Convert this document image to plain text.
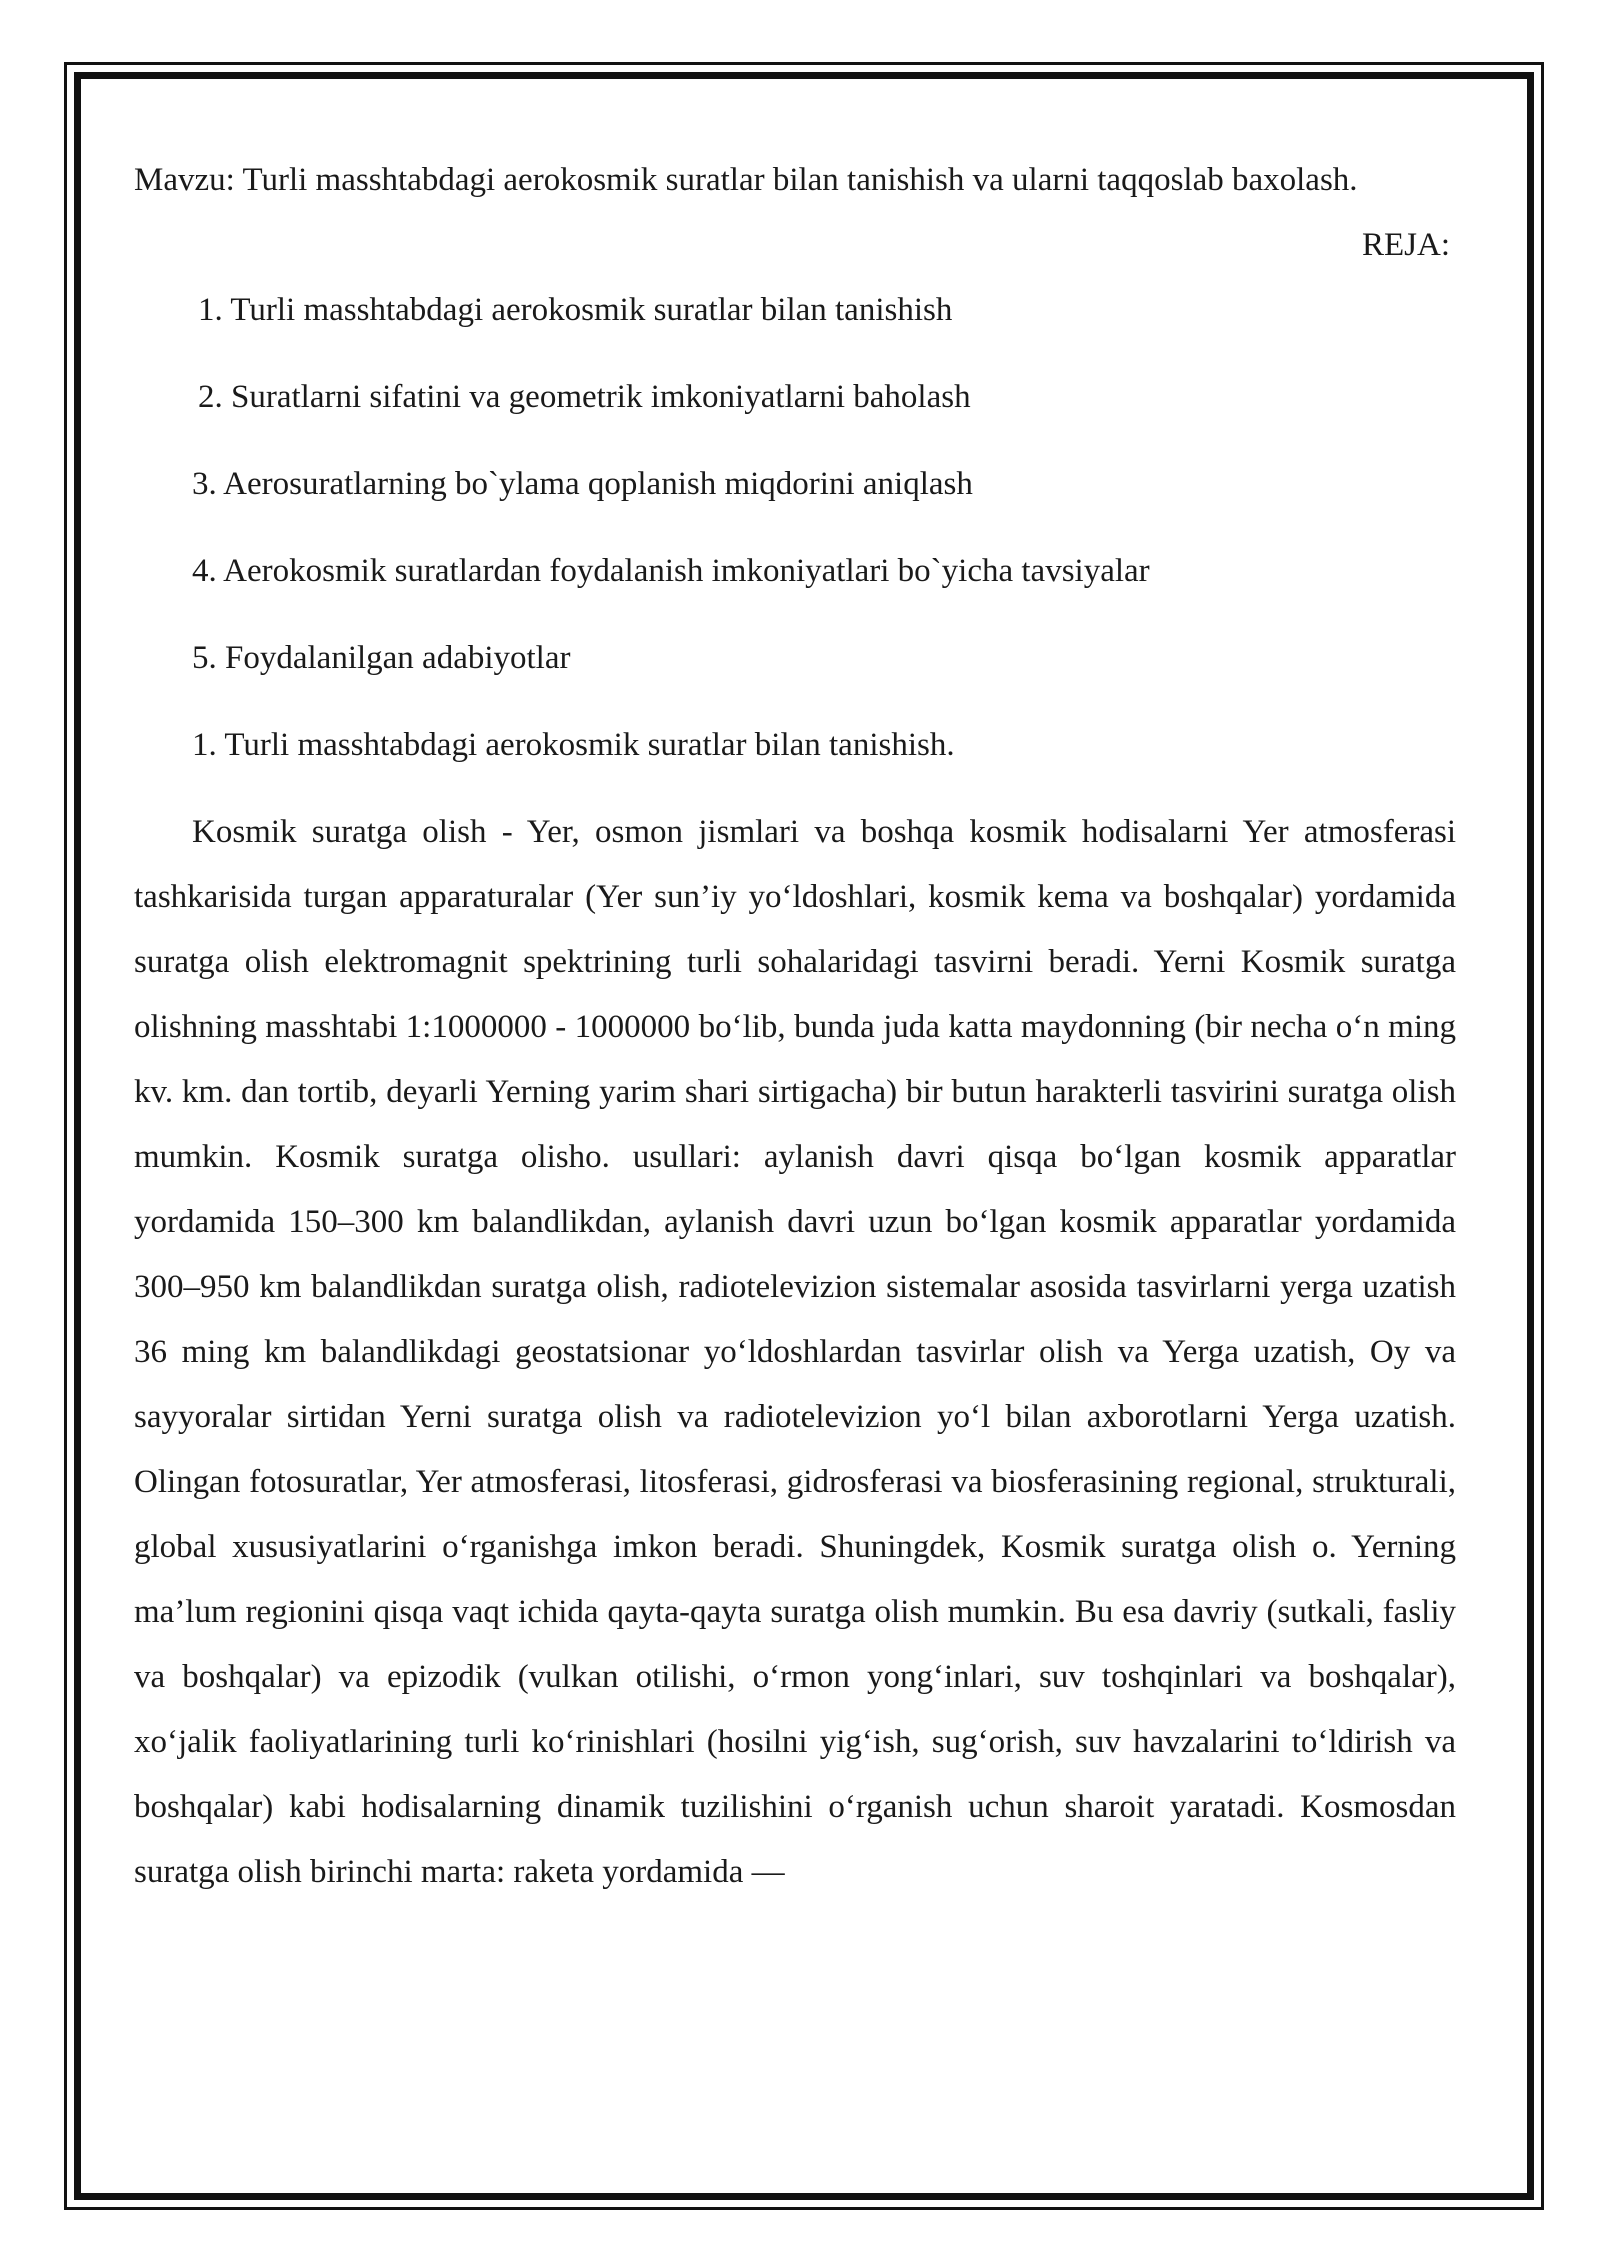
Mavzu: Turli masshtabdagi aerokosmik suratlar bilan tanishish va ularni taqqoslab baxolash.

REJA:

1. Turli masshtabdagi aerokosmik suratlar bilan tanishish
2. Suratlarni sifatini va geometrik imkoniyatlarni baholash
3. Aerosuratlarning bo`ylama qoplanish miqdorini aniqlash
4. Aerokosmik suratlardan foydalanish imkoniyatlari bo`yicha tavsiyalar
5. Foydalanilgan adabiyotlar

1. Turli masshtabdagi aerokosmik suratlar bilan tanishish.

Kosmik suratga olish - Yer, osmon jismlari va boshqa kosmik hodisalarni Yer atmosferasi tashkarisida turgan apparaturalar (Yer sun’iy yo‘ldoshlari, kosmik kema va boshqalar) yordamida suratga olish elektromagnit spektrining turli sohalaridagi tasvirni beradi. Yerni Kosmik suratga olishning masshtabi 1:1000000 - 1000000 bo‘lib, bunda juda katta maydonning (bir necha o‘n ming kv. km. dan tortib, deyarli Yerning yarim shari sirtigacha) bir butun harakterli tasvirini suratga olish mumkin. Kosmik suratga olisho. usullari: aylanish davri qisqa bo‘lgan kosmik apparatlar yordamida 150–300 km balandlikdan, aylanish davri uzun bo‘lgan kosmik apparatlar yordamida 300–950 km balandlikdan suratga olish, radiotelevizion sistemalar asosida tasvirlarni yerga uzatish 36 ming km balandlikdagi geostatsionar yo‘ldoshlardan tasvirlar olish va Yerga uzatish, Oy va sayyoralar sirtidan Yerni suratga olish va radiotelevizion yo‘l bilan axborotlarni Yerga uzatish. Olingan fotosuratlar, Yer atmosferasi, litosferasi, gidrosferasi va biosferasining regional, strukturali, global xususiyatlarini o‘rganishga imkon beradi. Shuningdek, Kosmik suratga olish o. Yerning ma’lum regionini qisqa vaqt ichida qayta-qayta suratga olish mumkin. Bu esa davriy (sutkali, fasliy va boshqalar) va epizodik (vulkan otilishi, o‘rmon yong‘inlari, suv toshqinlari va boshqalar), xo‘jalik faoliyatlarining turli ko‘rinishlari (hosilni yig‘ish, sug‘orish, suv havzalarini to‘ldirish va boshqalar) kabi hodisalarning dinamik tuzilishini o‘rganish uchun sharoit yaratadi. Kosmosdan suratga olish birinchi marta: raketa yordamida —
